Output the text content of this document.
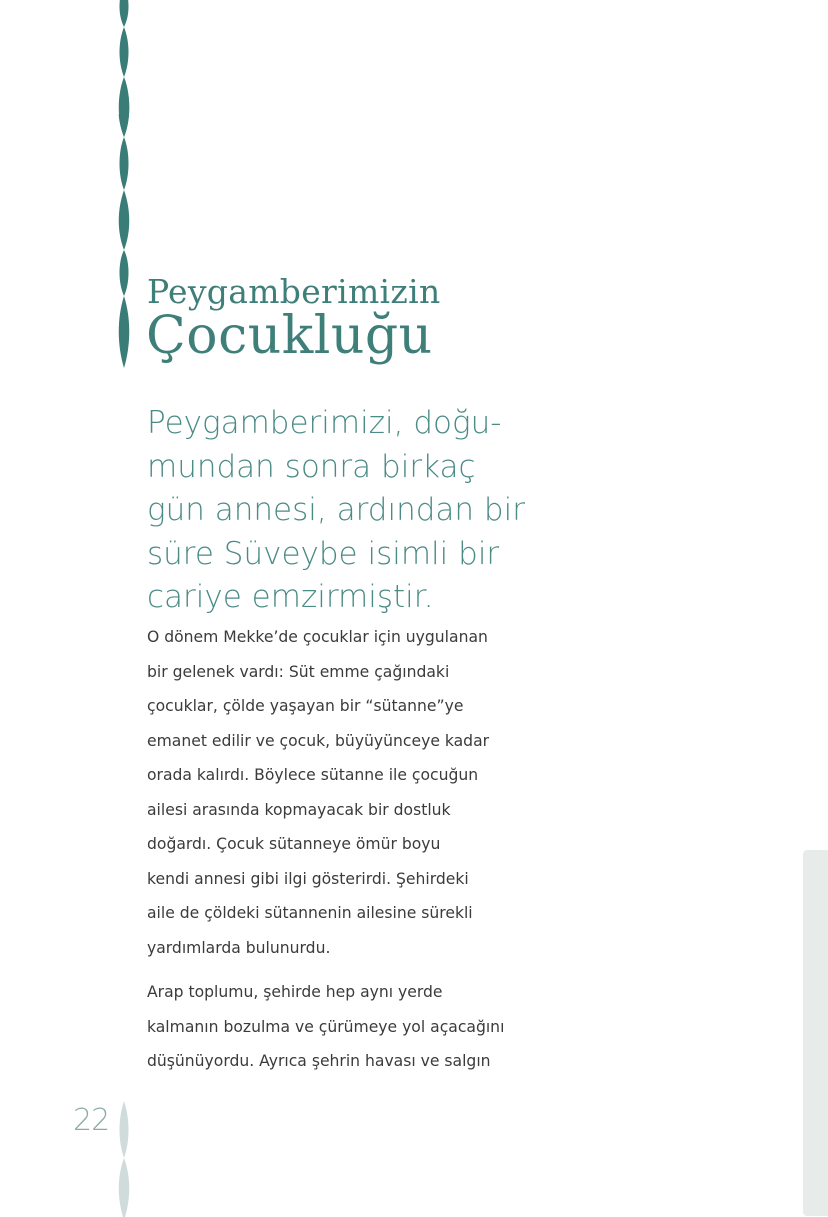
Peygamberimizin
Çocukluğu
Peygamberimizi, doğu-
mundan sonra birkaç
gün annesi, ardından bir
süre Süveybe isimli bir
cariye emzirmiştir.
O dönem Mekke’de çocuklar için uygulanan
bir gelenek vardı: Süt emme çağındaki
çocuklar, çölde yaşayan bir “sütanne”ye
emanet edilir ve çocuk, büyüyünceye kadar
orada kalırdı. Böylece sütanne ile çocuğun
ailesi arasında kopmayacak bir dostluk
doğardı. Çocuk sütanneye ömür boyu
kendi annesi gibi ilgi gösterirdi. Şehirdeki
aile de çöldeki sütannenin ailesine sürekli
yardımlarda bulunurdu.
Arap toplumu, şehirde hep aynı yerde
kalmanın bozulma ve çürümeye yol açacağını
düşünüyordu. Ayrıca şehrin havası ve salgın
22
